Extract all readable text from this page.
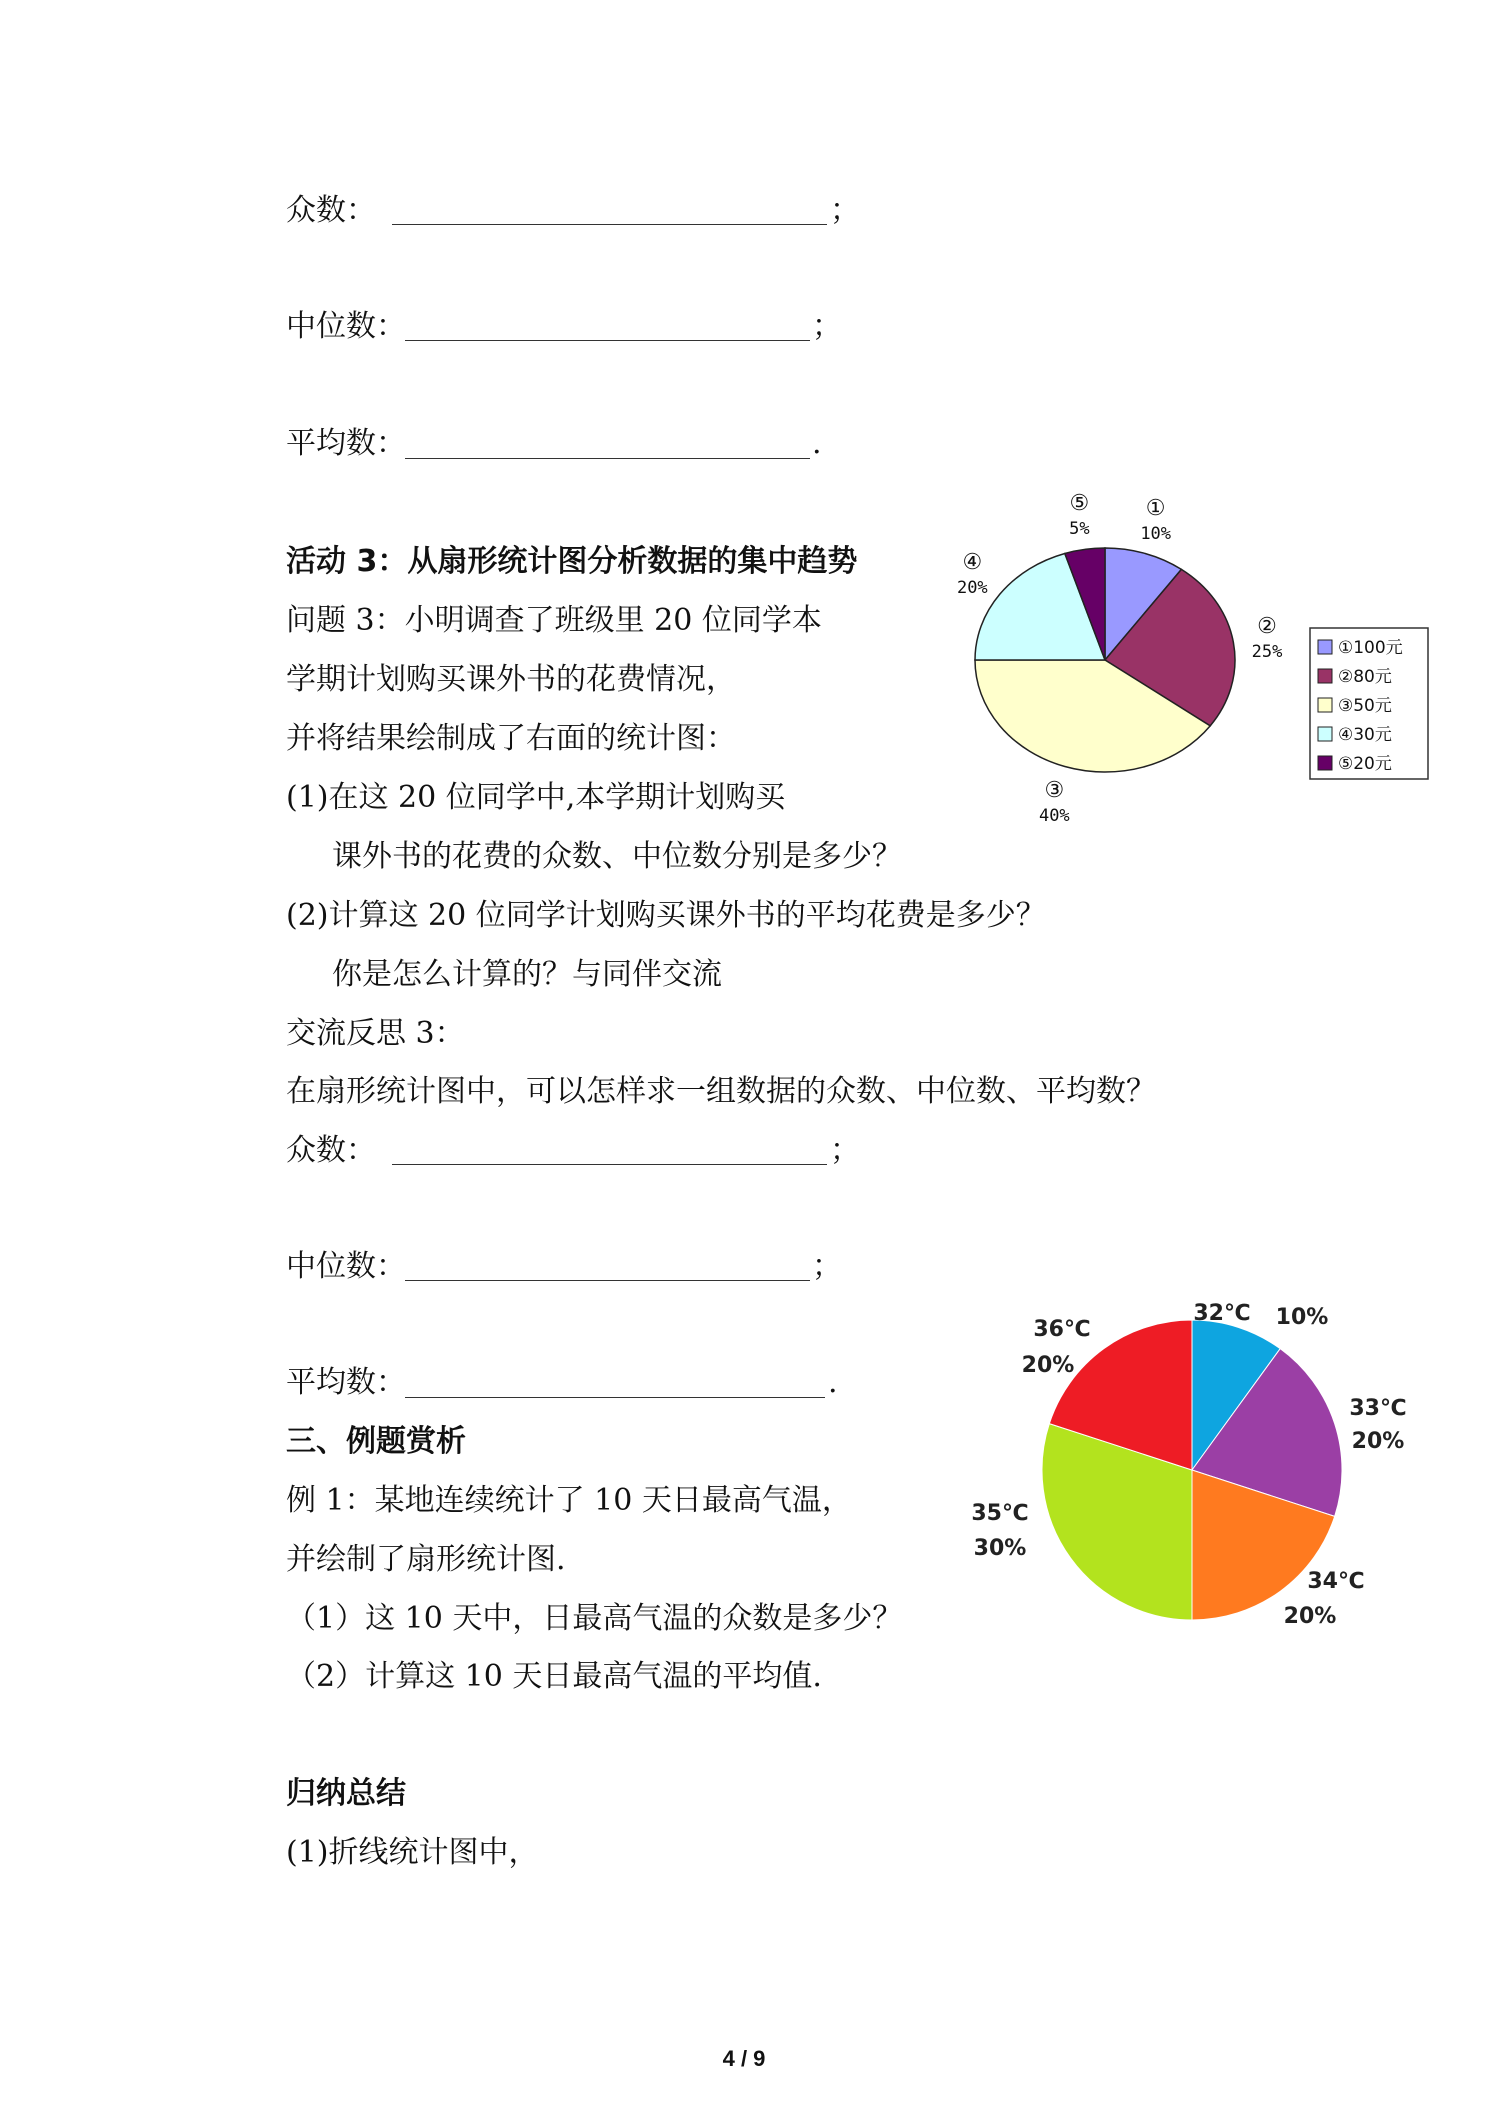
众数：	；
中位数：	；
平均数：	.
活动 3：从扇形统计图分析数据的集中趋势
问题 3：小明调查了班级里 20 位同学本
学期计划购买课外书的花费情况，
并将结果绘制成了右面的统计图：
(1)在这 20 位同学中,本学期计划购买
课外书的花费的众数、中位数分别是多少？
(2)计算这 20 位同学计划购买课外书的平均花费是多少？
你是怎么计算的？与同伴交流
交流反思 3：
在扇形统计图中，可以怎样求一组数据的众数、中位数、平均数？
众数：	；
中位数：	；
平均数：	.
三、例题赏析
例 1：某地连续统计了 10 天日最高气温，
并绘制了扇形统计图.
（1）这 10 天中，日最高气温的众数是多少？
（2）计算这 10 天日最高气温的平均值.
归纳总结
(1)折线统计图中，
4 / 9
①
10%
②
25%
③
40%
④
20%
⑤
5%
①100元
②80元
③50元
④30元
⑤20元
32℃ 10%
33℃
20%
34℃
20%
35℃
30%
36℃
20%
